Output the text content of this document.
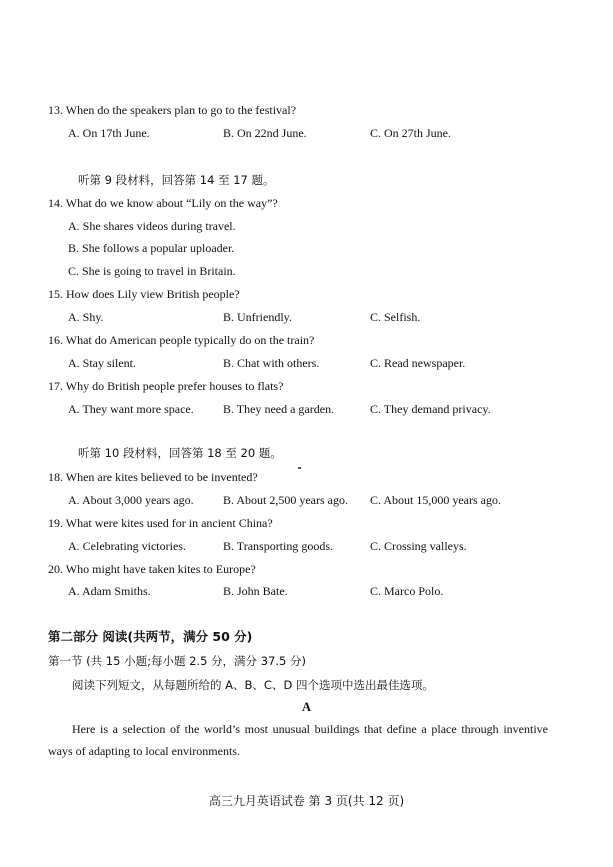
13. When do the speakers plan to go to the festival?
A. On 17th June.	B. On 22nd June.	C. On 27th June.
听第 9 段材料，回答第 14 至 17 题。
14. What do we know about “Lily on the way”?
A. She shares videos during travel.
B. She follows a popular uploader.
C. She is going to travel in Britain.
15. How does Lily view British people?
A. Shy.	B. Unfriendly.	C. Selfish.
16. What do American people typically do on the train?
A. Stay silent.	B. Chat with others.	C. Read newspaper.
17. Why do British people prefer houses to flats?
A. They want more space. B. They need a garden.	C. They demand privacy.
听第 10 段材料，回答第 18 至 20 题。
18. When are kites believed to be invented?
A. About 3,000 years ago. B. About 2,500 years ago. C. About 15,000 years ago.
19. What were kites used for in ancient China?
A. Celebrating victories.	B. Transporting goods.	C. Crossing valleys.
20. Who might have taken kites to Europe?
A. Adam Smiths.	B. John Bate.	C. Marco Polo.
第二部分 阅读(共两节，满分 50 分)
第一节 (共 15 小题;每小题 2.5 分，满分 37.5 分)
阅读下列短文，从每题所给的 A、B、C、D 四个选项中选出最佳选项。
A
Here is a selection of the world’s most unusual buildings that define a place through inventive ways of adapting to local environments.
高三九月英语试卷 第 3 页(共 12 页)
